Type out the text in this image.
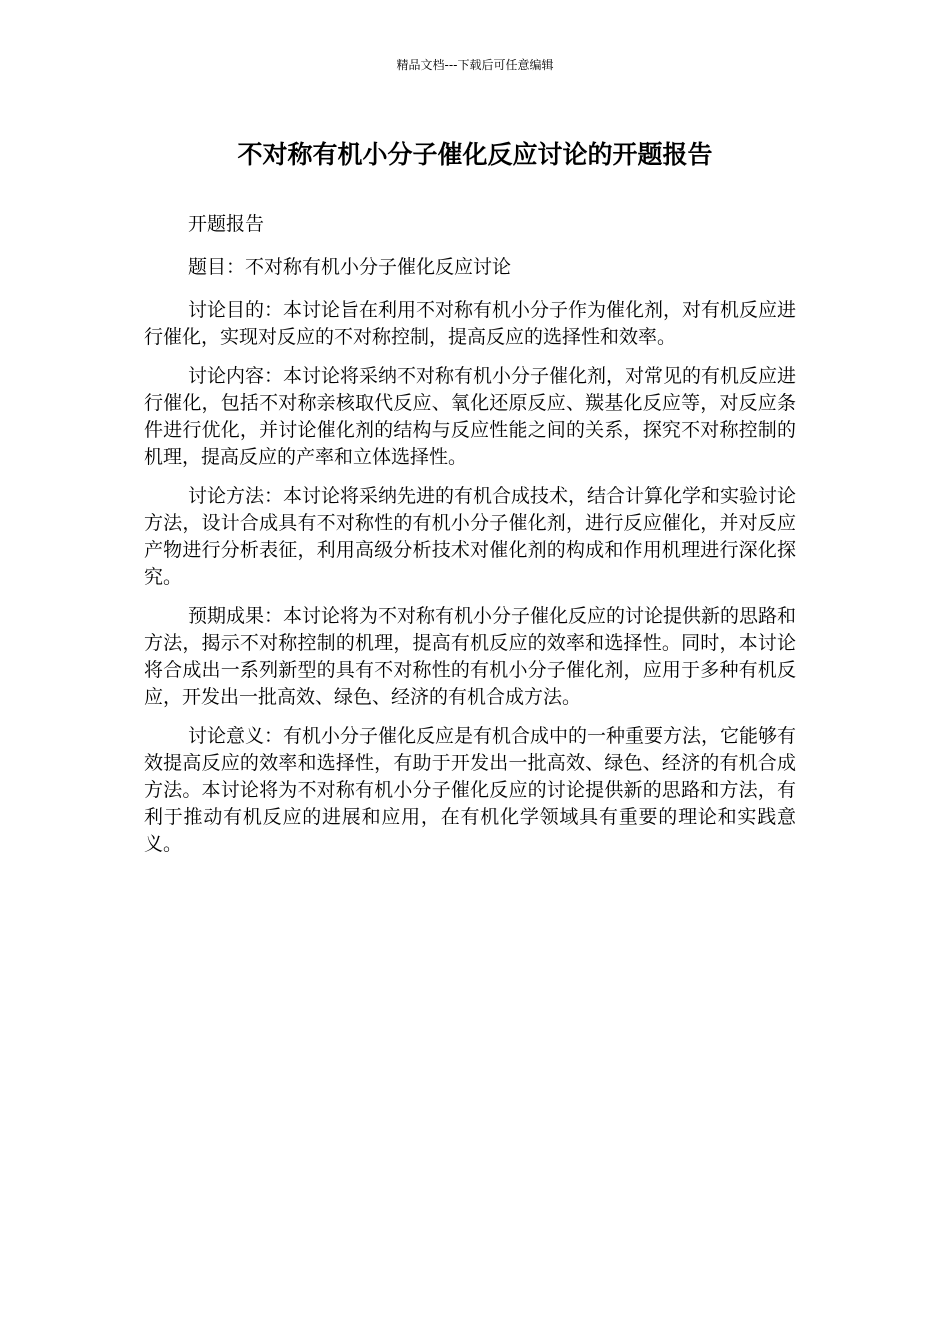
精品文档---下载后可任意编辑
不对称有机小分子催化反应讨论的开题报告

开题报告

题目：不对称有机小分子催化反应讨论

讨论目的：本讨论旨在利用不对称有机小分子作为催化剂，对有机反应进行催化，实现对反应的不对称控制，提高反应的选择性和效率。

讨论内容：本讨论将采纳不对称有机小分子催化剂，对常见的有机反应进行催化，包括不对称亲核取代反应、氧化还原反应、羰基化反应等，对反应条件进行优化，并讨论催化剂的结构与反应性能之间的关系，探究不对称控制的机理，提高反应的产率和立体选择性。

讨论方法：本讨论将采纳先进的有机合成技术，结合计算化学和实验讨论方法，设计合成具有不对称性的有机小分子催化剂，进行反应催化，并对反应产物进行分析表征，利用高级分析技术对催化剂的构成和作用机理进行深化探究。

预期成果：本讨论将为不对称有机小分子催化反应的讨论提供新的思路和方法，揭示不对称控制的机理，提高有机反应的效率和选择性。同时，本讨论将合成出一系列新型的具有不对称性的有机小分子催化剂，应用于多种有机反应，开发出一批高效、绿色、经济的有机合成方法。

讨论意义：有机小分子催化反应是有机合成中的一种重要方法，它能够有效提高反应的效率和选择性，有助于开发出一批高效、绿色、经济的有机合成方法。本讨论将为不对称有机小分子催化反应的讨论提供新的思路和方法，有利于推动有机反应的进展和应用，在有机化学领域具有重要的理论和实践意义。
